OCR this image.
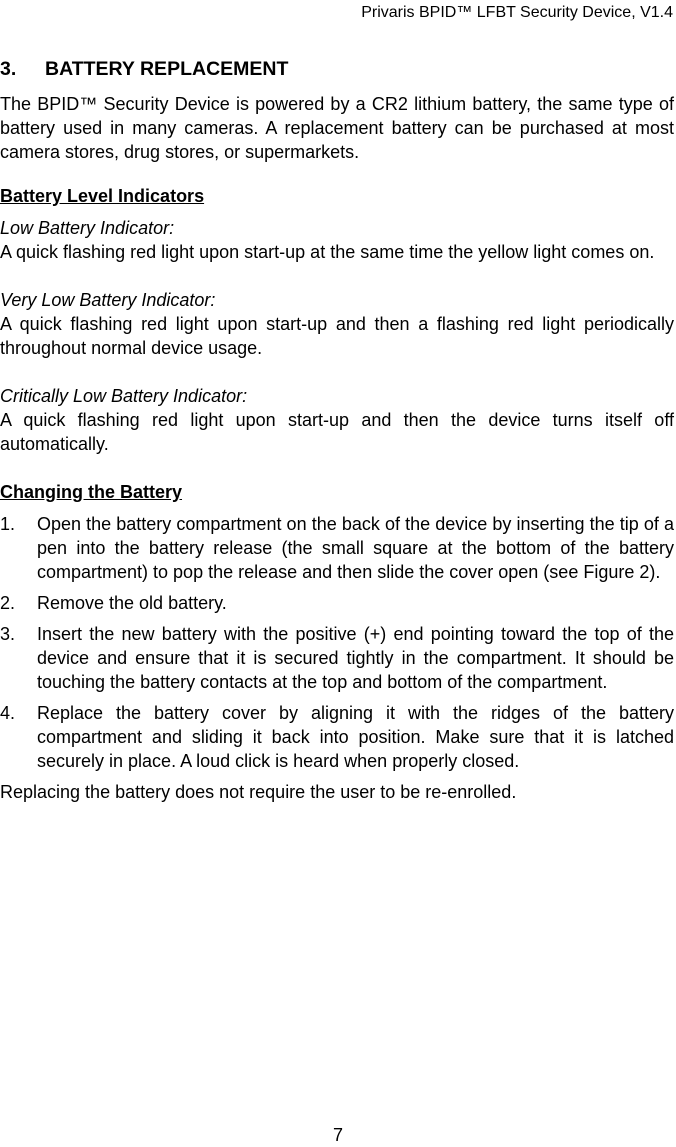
Privaris BPID™ LFBT Security Device, V1.4
3.	BATTERY REPLACEMENT

The BPID™ Security Device is powered by a CR2 lithium battery, the same type of battery used in many cameras. A replacement battery can be purchased at most camera stores, drug stores, or supermarkets.

Battery Level Indicators
Low Battery Indicator:

A quick flashing red light upon start-up at the same time the yellow light comes on.

Very Low Battery Indicator:

A quick flashing red light upon start-up and then a flashing red light periodically throughout normal device usage.

Critically Low Battery Indicator:

A quick flashing red light upon start-up and then the device turns itself off automatically.

Changing the Battery
1.	Open the battery compartment on the back of the device by inserting the tip of a pen into the battery release (the small square at the bottom of the battery compartment) to pop the release and then slide the cover open (see Figure 2).
2.	Remove the old battery.
3.	Insert the new battery with the positive (+) end pointing toward the top of the device and ensure that it is secured tightly in the compartment. It should be touching the battery contacts at the top and bottom of the compartment.
4.	Replace the battery cover by aligning it with the ridges of the battery compartment and sliding it back into position. Make sure that it is latched securely in place. A loud click is heard when properly closed.

Replacing the battery does not require the user to be re-enrolled.

7
